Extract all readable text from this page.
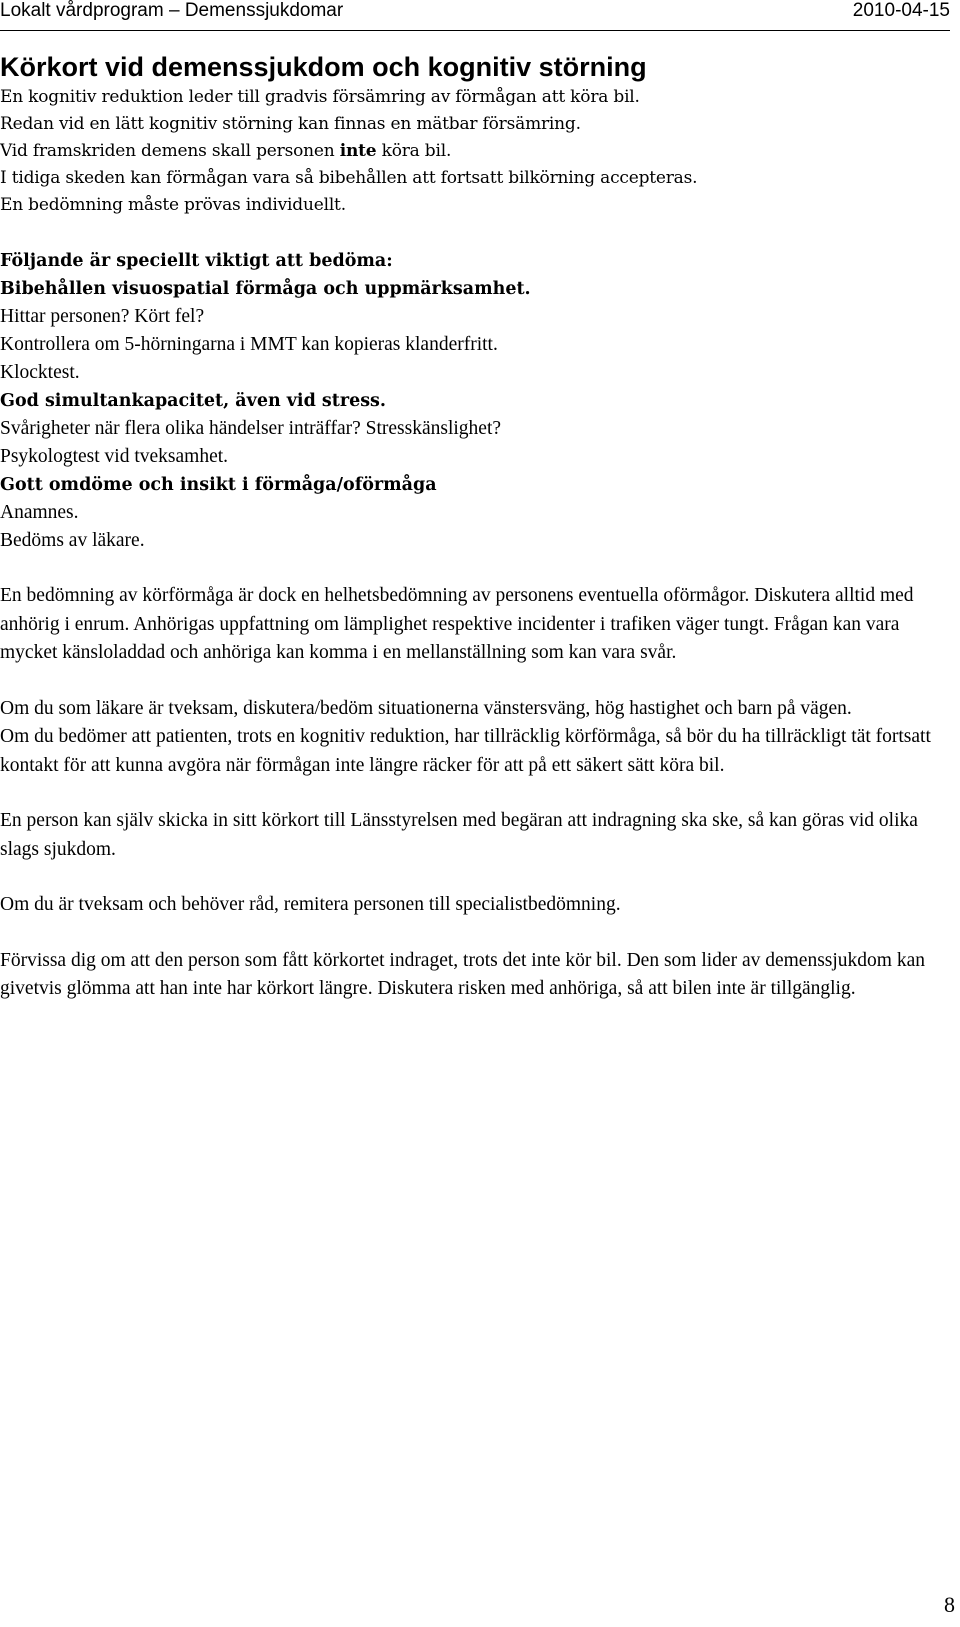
Lokalt vårdprogram – Demenssjukdomar	2010-04-15
Körkort vid demenssjukdom och kognitiv störning

En kognitiv reduktion leder till gradvis försämring av förmågan att köra bil.

Redan vid en lätt kognitiv störning kan finnas en mätbar försämring.

Vid framskriden demens skall personen inte köra bil.

I tidiga skeden kan förmågan vara så bibehållen att fortsatt bilkörning accepteras.

En bedömning måste prövas individuellt.

Följande är speciellt viktigt att bedöma:

Bibehållen visuospatial förmåga och uppmärksamhet.

Hittar personen? Kört fel?

Kontrollera om 5-hörningarna i MMT kan kopieras klanderfritt.

Klocktest.

God simultankapacitet, även vid stress.

Svårigheter när flera olika händelser inträffar? Stresskänslighet?

Psykologtest vid tveksamhet.

Gott omdöme och insikt i förmåga/oförmåga

Anamnes.

Bedöms av läkare.

En bedömning av körförmåga är dock en helhetsbedömning av personens eventuella oförmågor. Diskutera alltid med anhörig i enrum. Anhörigas uppfattning om lämplighet respektive incidenter i trafiken väger tungt. Frågan kan vara mycket känsloladdad och anhöriga kan komma i en mellanställning som kan vara svår.

Om du som läkare är tveksam, diskutera/bedöm situationerna vänstersväng, hög hastighet och barn på vägen.

Om du bedömer att patienten, trots en kognitiv reduktion, har tillräcklig körförmåga, så bör du ha tillräckligt tät fortsatt kontakt för att kunna avgöra när förmågan inte längre räcker för att på ett säkert sätt köra bil.

En person kan själv skicka in sitt körkort till Länsstyrelsen med begäran att indragning ska ske, så kan göras vid olika slags sjukdom.

Om du är tveksam och behöver råd, remitera personen till specialistbedömning.

Förvissa dig om att den person som fått körkortet indraget, trots det inte kör bil. Den som lider av demenssjukdom kan givetvis glömma att han inte har körkort längre. Diskutera risken med anhöriga, så att bilen inte är tillgänglig.

8
